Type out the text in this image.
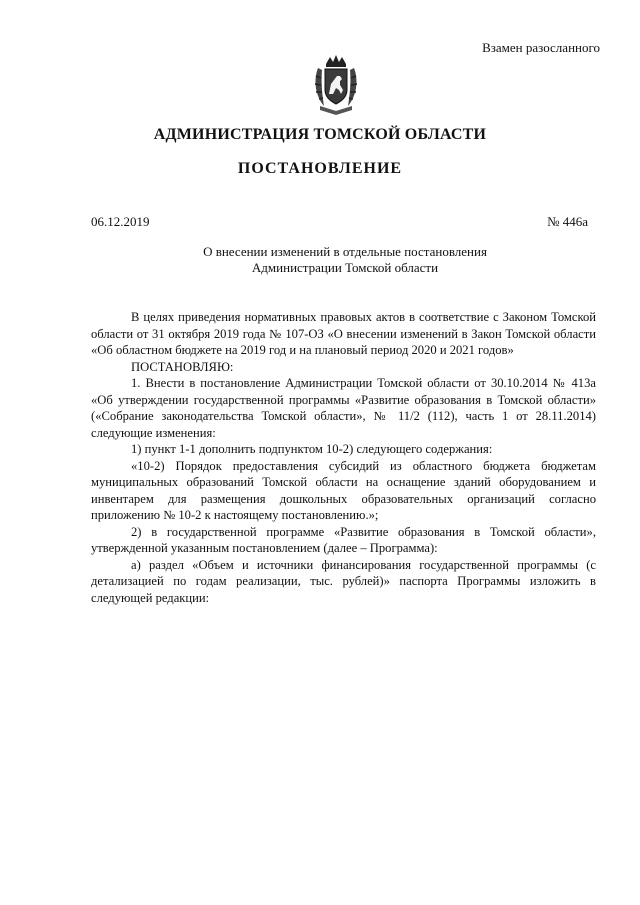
Взамен разосланного
АДМИНИСТРАЦИЯ ТОМСКОЙ ОБЛАСТИ
ПОСТАНОВЛЕНИЕ
06.12.2019	№ 446а
О внесении изменений в отдельные постановления
Администрации Томской области

В целях приведения нормативных правовых актов в соответствие с Законом Томской области от 31 октября 2019 года № 107-ОЗ «О внесении изменений в Закон Томской области «Об областном бюджете на 2019 год и на плановый период 2020 и 2021 годов»

ПОСТАНОВЛЯЮ:

1. Внести в постановление Администрации Томской области от 30.10.2014 № 413а «Об утверждении государственной программы «Развитие образования в Томской области» («Собрание законодательства Томской области», № 11/2 (112), часть 1 от 28.11.2014) следующие изменения:

1) пункт 1-1 дополнить подпунктом 10-2) следующего содержания:

«10-2) Порядок предоставления субсидий из областного бюджета бюджетам муниципальных образований Томской области на оснащение зданий оборудованием и инвентарем для размещения дошкольных образовательных организаций согласно приложению № 10-2 к настоящему постановлению.»;

2) в государственной программе «Развитие образования в Томской области», утвержденной указанным постановлением (далее – Программа):

а) раздел «Объем и источники финансирования государственной программы (с детализацией по годам реализации, тыс. рублей)» паспорта Программы изложить в следующей редакции:
